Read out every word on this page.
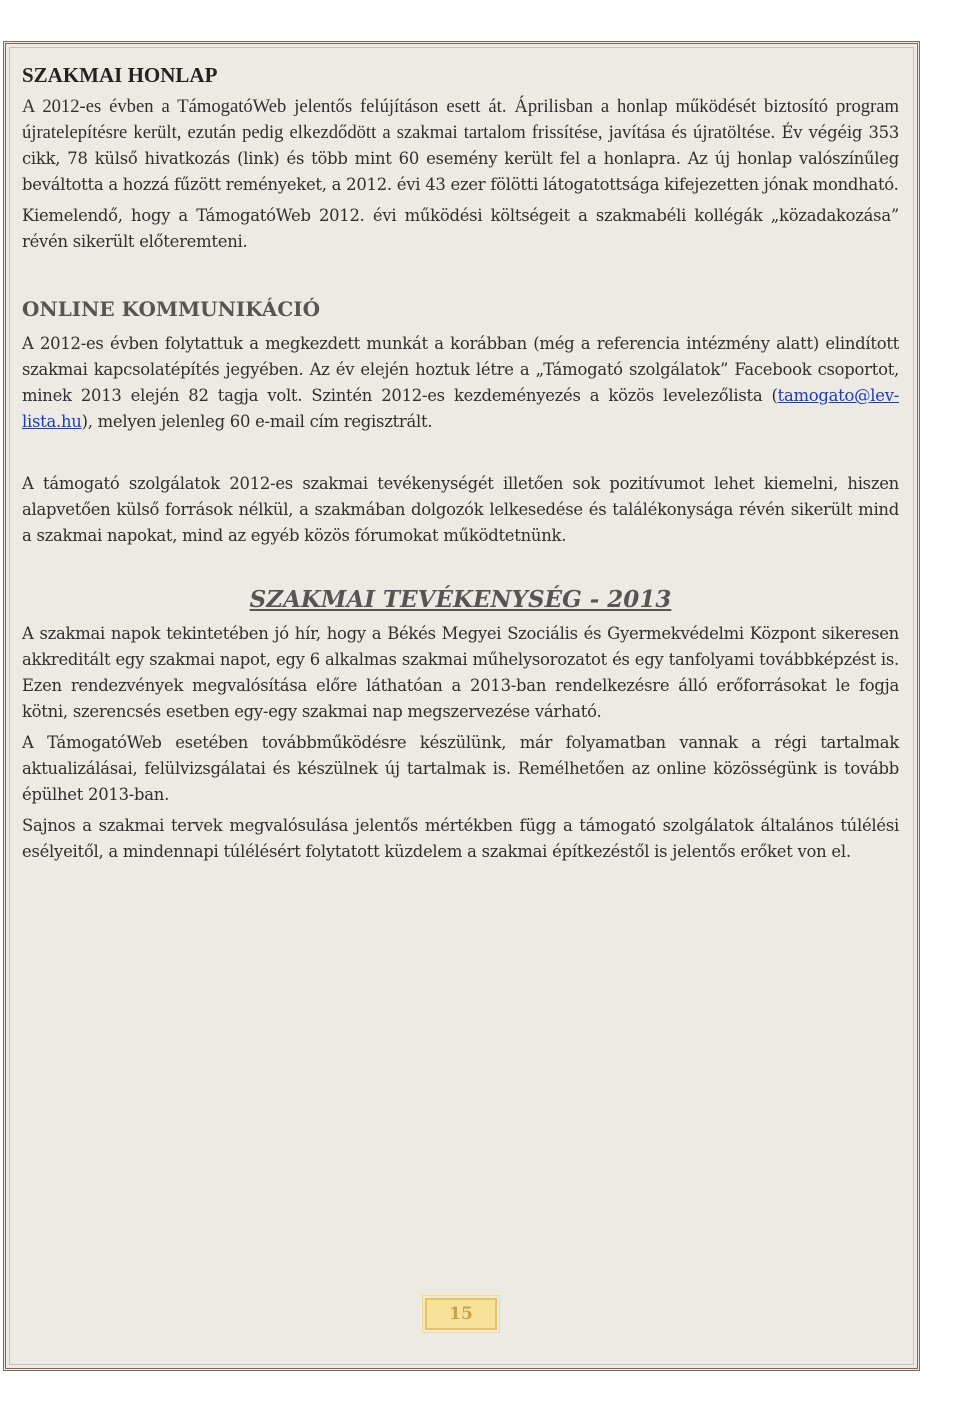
SZAKMAI HONLAP

A 2012-es évben a TámogatóWeb jelentős felújításon esett át. Áprilisban a honlap működését biztosító program újratelepítésre került, ezután pedig elkezdődött a szakmai tartalom frissítése, javítása és újratöltése. Év végéig 353 cikk, 78 külső hivatkozás (link) és több mint 60 esemény került fel a honlapra. Az új honlap valószínűleg beváltotta a hozzá fűzött reményeket, a 2012. évi 43 ezer fölötti látogatottsága kifejezetten jónak mondható.

Kiemelendő, hogy a TámogatóWeb 2012. évi működési költségeit a szakmabéli kollégák „közadakozása” révén sikerült előteremteni.

ONLINE KOMMUNIKÁCIÓ

A 2012-es évben folytattuk a megkezdett munkát a korábban (még a referencia intézmény alatt) elindított szakmai kapcsolatépítés jegyében. Az év elején hoztuk létre a „Támogató szolgálatok” Facebook csoportot, minek 2013 elején 82 tagja volt. Szintén 2012-es kezdeményezés a közös levelezőlista (tamogato@lev-lista.hu), melyen jelenleg 60 e-mail cím regisztrált.

A támogató szolgálatok 2012-es szakmai tevékenységét illetően sok pozitívumot lehet kiemelni, hiszen alapvetően külső források nélkül, a szakmában dolgozók lelkesedése és találékonysága révén sikerült mind a szakmai napokat, mind az egyéb közös fórumokat működtetnünk.

SZAKMAI TEVÉKENYSÉG - 2013

A szakmai napok tekintetében jó hír, hogy a Békés Megyei Szociális és Gyermekvédelmi Központ sikeresen akkreditált egy szakmai napot, egy 6 alkalmas szakmai műhelysorozatot és egy tanfolyami továbbképzést is. Ezen rendezvények megvalósítása előre láthatóan a 2013-ban rendelkezésre álló erőforrásokat le fogja kötni, szerencsés esetben egy-egy szakmai nap megszervezése várható.

A TámogatóWeb esetében továbbműködésre készülünk, már folyamatban vannak a régi tartalmak aktualizálásai, felülvizsgálatai és készülnek új tartalmak is. Remélhetően az online közösségünk is tovább épülhet 2013-ban.

Sajnos a szakmai tervek megvalósulása jelentős mértékben függ a támogató szolgálatok általános túlélési esélyeitől, a mindennapi túlélésért folytatott küzdelem a szakmai építkezéstől is jelentős erőket von el.

15
